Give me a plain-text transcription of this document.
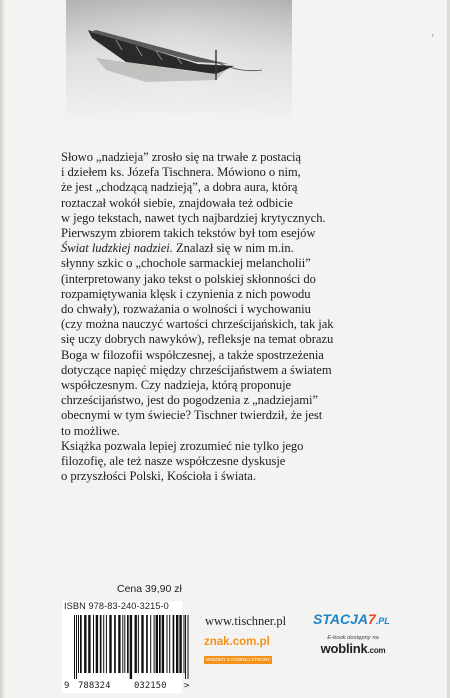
ʳ
Słowo „nadzieja” zrosło się na trwałe z postacią
i dziełem ks. Józefa Tischnera. Mówiono o nim,
że jest „chodzącą nadzieją”, a dobra aura, którą
roztaczał wokół siebie, znajdowała też odbicie
w jego tekstach, nawet tych najbardziej krytycznych.
Pierwszym zbiorem takich tekstów był tom esejów
Świat ludzkiej nadziei. Znalazł się w nim m.in.
słynny szkic o „chochole sarmackiej melancholii”
(interpretowany jako tekst o polskiej skłonności do
rozpamiętywania klęsk i czynienia z nich powodu
do chwały), rozważania o wolności i wychowaniu
(czy można nauczyć wartości chrześcijańskich, tak jak
się uczy dobrych nawyków), refleksje na temat obrazu
Boga w filozofii współczesnej, a także spostrzeżenia
dotyczące napięć między chrześcijaństwem a światem
współczesnym. Czy nadzieja, którą proponuje
chrześcijaństwo, jest do pogodzenia z „nadziejami”
obecnymi w tym świecie? Tischner twierdził, że jest
to możliwe.
Książka pozwala lepiej zrozumieć nie tylko jego
filozofię, ale też nasze współczesne dyskusje
o przyszłości Polski, Kościoła i świata.
Cena 39,90 zł
ISBN 978-83-240-3215-0
9 788324	032150 >
www.tischner.pl STACJA7.PL
znak.com.pl
WIDZIMY Z DOBREJ STRONY
E-book dostępny na
woblink.com
